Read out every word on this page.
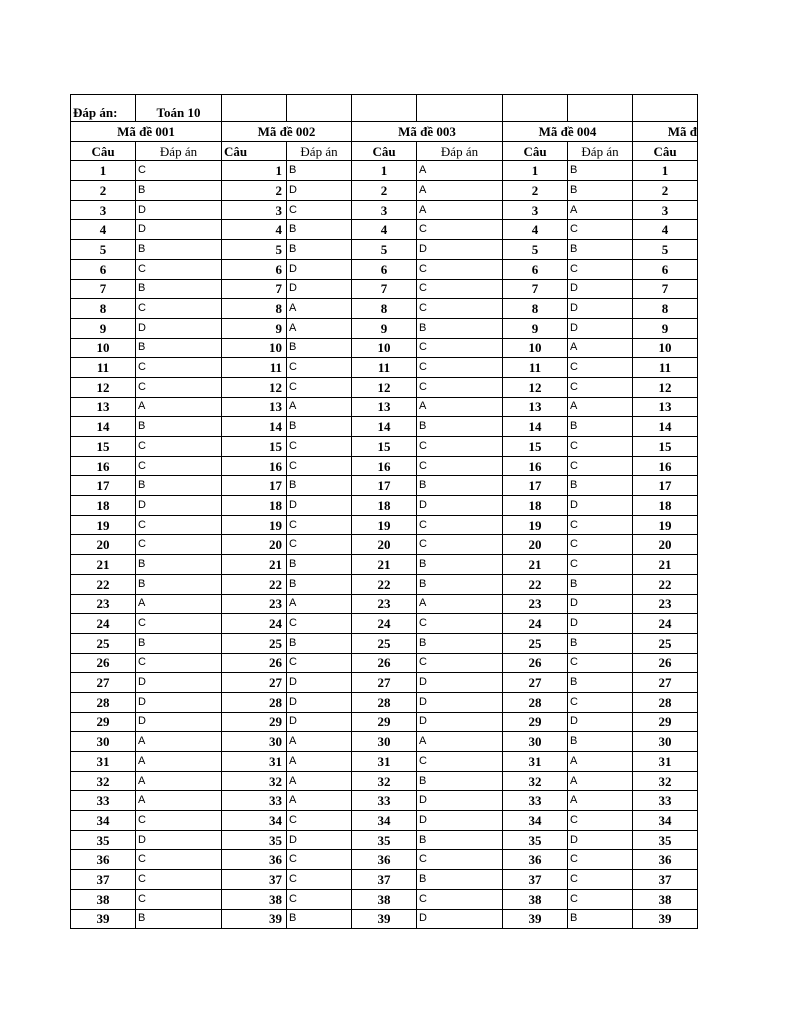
Đáp án:	Toán 10							
Mã đề 001		Mã đề 002		Mã đề 003		Mã đề 004		Mã đ
Câu	Đáp án	Câu	Đáp án	Câu	Đáp án	Câu	Đáp án	Câu
1	C	1	B	1	A	1	B	1
2	B	2	D	2	A	2	B	2
3	D	3	C	3	A	3	A	3
4	D	4	B	4	C	4	C	4
5	B	5	B	5	D	5	B	5
6	C	6	D	6	C	6	C	6
7	B	7	D	7	C	7	D	7
8	C	8	A	8	C	8	D	8
9	D	9	A	9	B	9	D	9
10	B	10	B	10	C	10	A	10
11	C	11	C	11	C	11	C	11
12	C	12	C	12	C	12	C	12
13	A	13	A	13	A	13	A	13
14	B	14	B	14	B	14	B	14
15	C	15	C	15	C	15	C	15
16	C	16	C	16	C	16	C	16
17	B	17	B	17	B	17	B	17
18	D	18	D	18	D	18	D	18
19	C	19	C	19	C	19	C	19
20	C	20	C	20	C	20	C	20
21	B	21	B	21	B	21	C	21
22	B	22	B	22	B	22	B	22
23	A	23	A	23	A	23	D	23
24	C	24	C	24	C	24	D	24
25	B	25	B	25	B	25	B	25
26	C	26	C	26	C	26	C	26
27	D	27	D	27	D	27	B	27
28	D	28	D	28	D	28	C	28
29	D	29	D	29	D	29	D	29
30	A	30	A	30	A	30	B	30
31	A	31	A	31	C	31	A	31
32	A	32	A	32	B	32	A	32
33	A	33	A	33	D	33	A	33
34	C	34	C	34	D	34	C	34
35	D	35	D	35	B	35	D	35
36	C	36	C	36	C	36	C	36
37	C	37	C	37	B	37	C	37
38	C	38	C	38	C	38	C	38
39	B	39	B	39	D	39	B	39
